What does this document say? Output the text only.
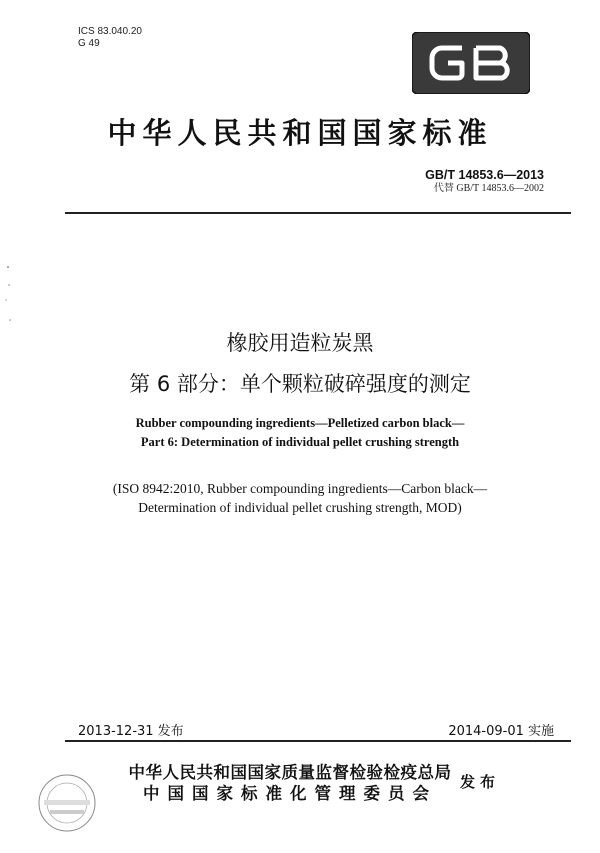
ICS 83.040.20
G 49
中华人民共和国国家标准
GB/T 14853.6—2013
代替 GB/T 14853.6—2002
橡胶用造粒炭黑
第 6 部分：单个颗粒破碎强度的测定
Rubber compounding ingredients—Pelletized carbon black—
Part 6: Determination of individual pellet crushing strength
(ISO 8942:2010, Rubber compounding ingredients—Carbon black—
Determination of individual pellet crushing strength, MOD)
2013-12-31 发布	2014-09-01 实施
中华人民共和国国家质量监督检验检疫总局
中国国家标准化管理委员会
发布
